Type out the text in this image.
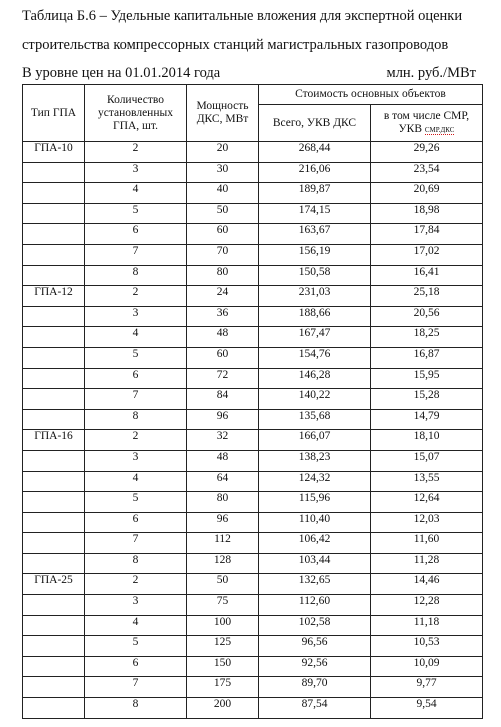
Таблица Б.6 – Удельные капитальные вложения для экспертной оценки
строительства компрессорных станций магистральных газопроводов
В уровне цен на 01.01.2014 года	млн. руб./МВт
Тип ГПА	Количество установленных ГПА, шт.	Мощность ДКС, МВт	Стоимость основных объектов	
			Всего, УКВ ДКС	в том числе СМР, УКВ СМР.ДКС
ГПА-10	2	20	268,44	29,26
	3	30	216,06	23,54
	4	40	189,87	20,69
	5	50	174,15	18,98
	6	60	163,67	17,84
	7	70	156,19	17,02
	8	80	150,58	16,41
ГПА-12	2	24	231,03	25,18
	3	36	188,66	20,56
	4	48	167,47	18,25
	5	60	154,76	16,87
	6	72	146,28	15,95
	7	84	140,22	15,28
	8	96	135,68	14,79
ГПА-16	2	32	166,07	18,10
	3	48	138,23	15,07
	4	64	124,32	13,55
	5	80	115,96	12,64
	6	96	110,40	12,03
	7	112	106,42	11,60
	8	128	103,44	11,28
ГПА-25	2	50	132,65	14,46
	3	75	112,60	12,28
	4	100	102,58	11,18
	5	125	96,56	10,53
	6	150	92,56	10,09
	7	175	89,70	9,77
	8	200	87,54	9,54
